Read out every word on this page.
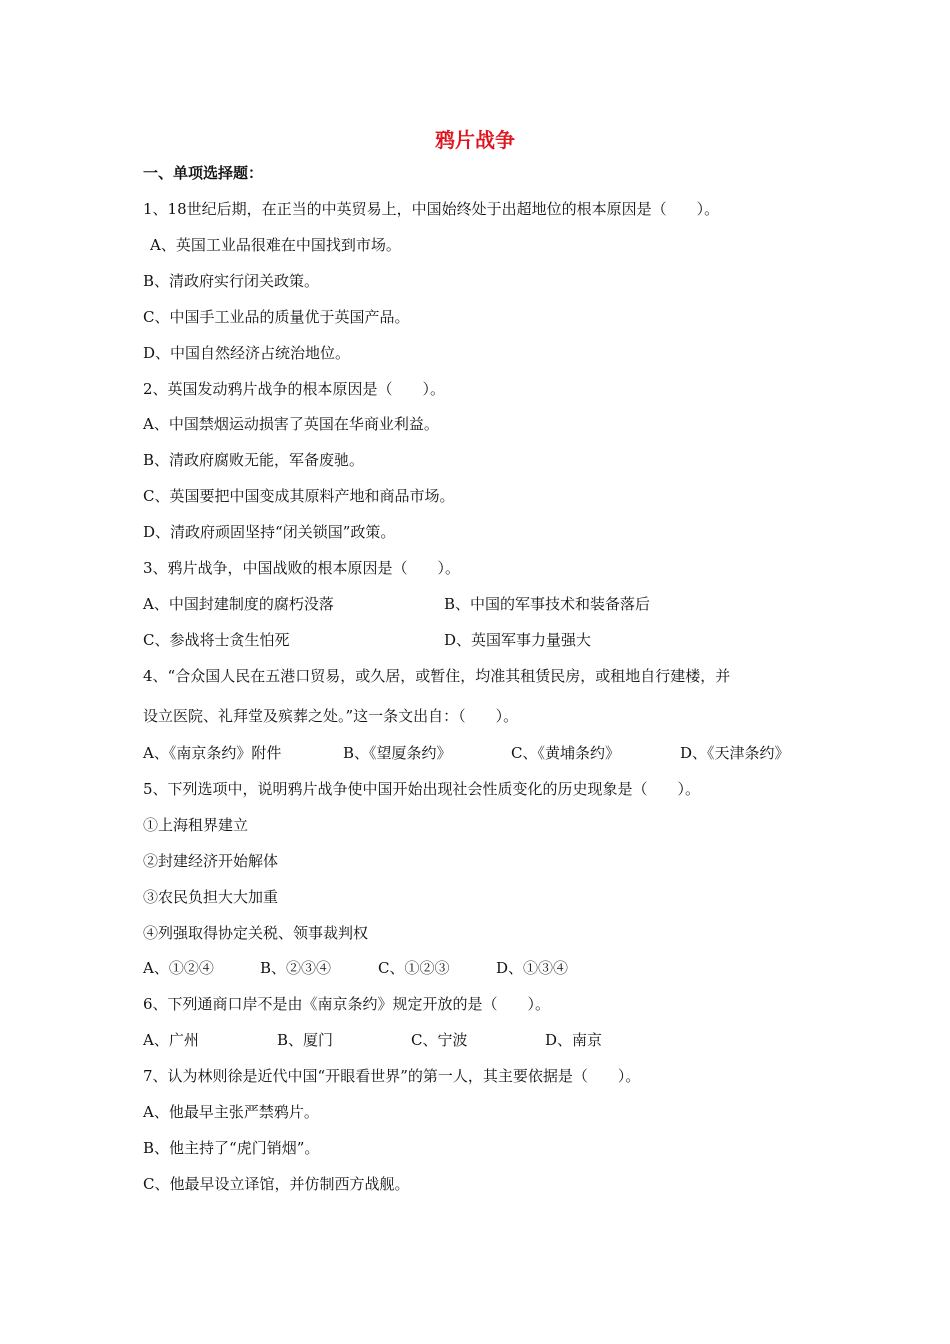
鸦片战争
一、单项选择题：
1、18世纪后期，在正当的中英贸易上，中国始终处于出超地位的根本原因是（　　）。
A、英国工业品很难在中国找到市场。
B、清政府实行闭关政策。
C、中国手工业品的质量优于英国产品。
D、中国自然经济占统治地位。
2、英国发动鸦片战争的根本原因是（　　）。
A、中国禁烟运动损害了英国在华商业利益。
B、清政府腐败无能，军备废驰。
C、英国要把中国变成其原料产地和商品市场。
D、清政府顽固坚持“闭关锁国”政策。
3、鸦片战争，中国战败的根本原因是（　　）。
A、中国封建制度的腐朽没落	B、中国的军事技术和装备落后
C、参战将士贪生怕死	D、英国军事力量强大
4、“合众国人民在五港口贸易，或久居，或暂住，均准其租赁民房，或租地自行建楼，并
设立医院、礼拜堂及殡葬之处。”这一条文出自：（　　）。
A、《南京条约》附件	B、《望厦条约》	C、《黄埔条约》	D、《天津条约》
5、下列选项中，说明鸦片战争使中国开始出现社会性质变化的历史现象是（　　）。
①上海租界建立
②封建经济开始解体
③农民负担大大加重
④列强取得协定关税、领事裁判权
A、①②④	B、②③④	C、①②③	D、①③④
6、下列通商口岸不是由《南京条约》规定开放的是（　　）。
A、广州	B、厦门	C、宁波	D、南京
7、认为林则徐是近代中国“开眼看世界”的第一人，其主要依据是（　　）。
A、他最早主张严禁鸦片。
B、他主持了“虎门销烟”。
C、他最早设立译馆，并仿制西方战舰。
